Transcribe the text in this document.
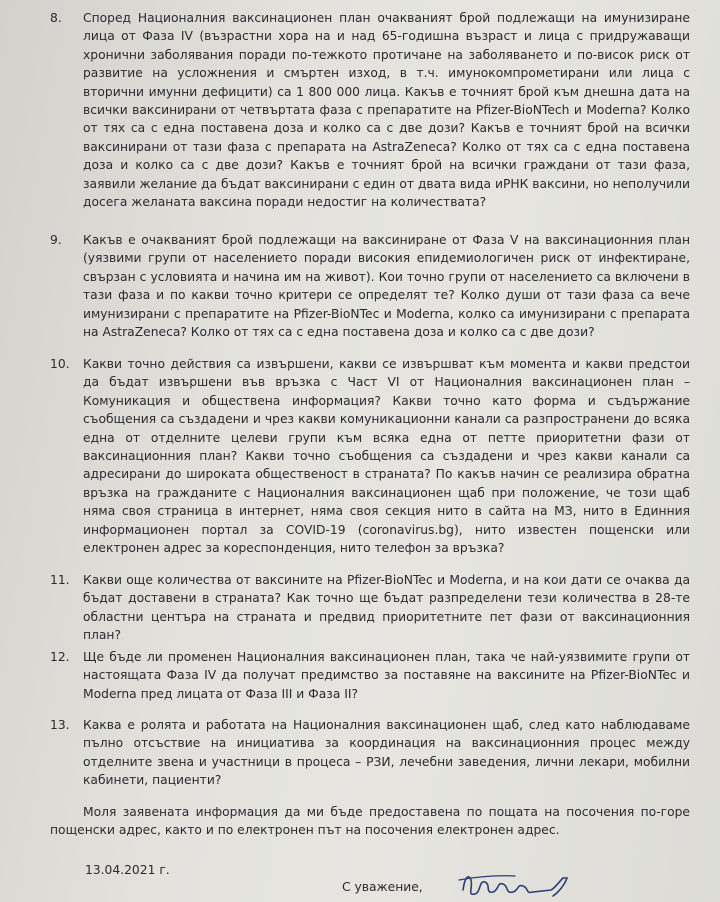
8.	Според Националния ваксинационен план очакваният брой подлежащи на имунизиране лица от Фаза IV (възрастни хора на и над 65-годишна възраст и лица с придружаващи хронични заболявания поради по-тежкото протичане на заболяването и по-висок риск от развитие на усложнения и смъртен изход, в т.ч. имунокомпрометирани или лица с вторични имунни дефицити) са 1 800 000 лица. Какъв е точният брой към днешна дата на всички ваксинирани от четвъртата фаза с препаратите на Pfizer-BioNTech и Moderna? Колко от тях са с една поставена доза и колко са с две дози? Какъв е точният брой на всички ваксинирани от тази фаза с препарата на AstraZeneca? Колко от тях са с една поставена доза и колко са с две дози? Какъв е точният брой на всички граждани от тази фаза, заявили желание да бъдат ваксинирани с един от двата вида иРНК ваксини, но неполучили досега желаната ваксина поради недостиг на количествата?
9.	Какъв е очакваният брой подлежащи на ваксиниране от Фаза V на ваксинационния план (уязвими групи от населението поради високия епидемиологичен риск от инфектиране, свързан с условията и начина им на живот). Кои точно групи от населението са включени в тази фаза и по какви точно критери се определят те? Колко души от тази фаза са вече имунизирани с препаратите на Pfizer-BioNTec и Moderna, колко са имунизирани с препарата на AstraZeneca? Колко от тях са с една поставена доза и колко са с две дози?
10.	Какви точно действия са извършени, какви се извършват към момента и какви предстои да бъдат извършени във връзка с Част VI от Националния ваксинационен план – Комуникация и обществена информация? Какви точно като форма и съдържание съобщения са създадени и чрез какви комуникационни канали са разпространени до всяка една от отделните целеви групи към всяка една от петте приоритетни фази от ваксинационния план? Какви точно съобщения са създадени и чрез какви канали са адресирани до широката общественост в страната? По какъв начин се реализира обратна връзка на гражданите с Националния ваксинационен щаб при положение, че този щаб няма своя страница в интернет, няма своя секция нито в сайта на МЗ, нито в Единния информационен портал за COVID-19 (coronavirus.bg), нито известен пощенски или електронен адрес за кореспонденция, нито телефон за връзка?
11.	Какви още количества от ваксините на Pfizer-BioNTec и Moderna, и на кои дати се очаква да бъдат доставени в страната? Как точно ще бъдат разпределени тези количества в 28-те областни центъра на страната и предвид приоритетните пет фази от ваксинационния план?
12.	Ще бъде ли променен Националния ваксинационен план, така че най-уязвимите групи от настоящата Фаза IV да получат предимство за поставяне на ваксините на Pfizer-BioNTec и Moderna пред лицата от Фаза III и Фаза II?
13.	Каква е ролята и работата на Националния ваксинационен щаб, след като наблюдаваме пълно отсъствие на инициатива за координация на ваксинационния процес между отделните звена и участници в процеса – РЗИ, лечебни заведения, лични лекари, мобилни кабинети, пациенти?
Моля заявената информация да ми бъде предоставена по пощата на посочения по-горе пощенски адрес, както и по електронен път на посочения електронен адрес.
13.04.2021 г.
С уважение,
